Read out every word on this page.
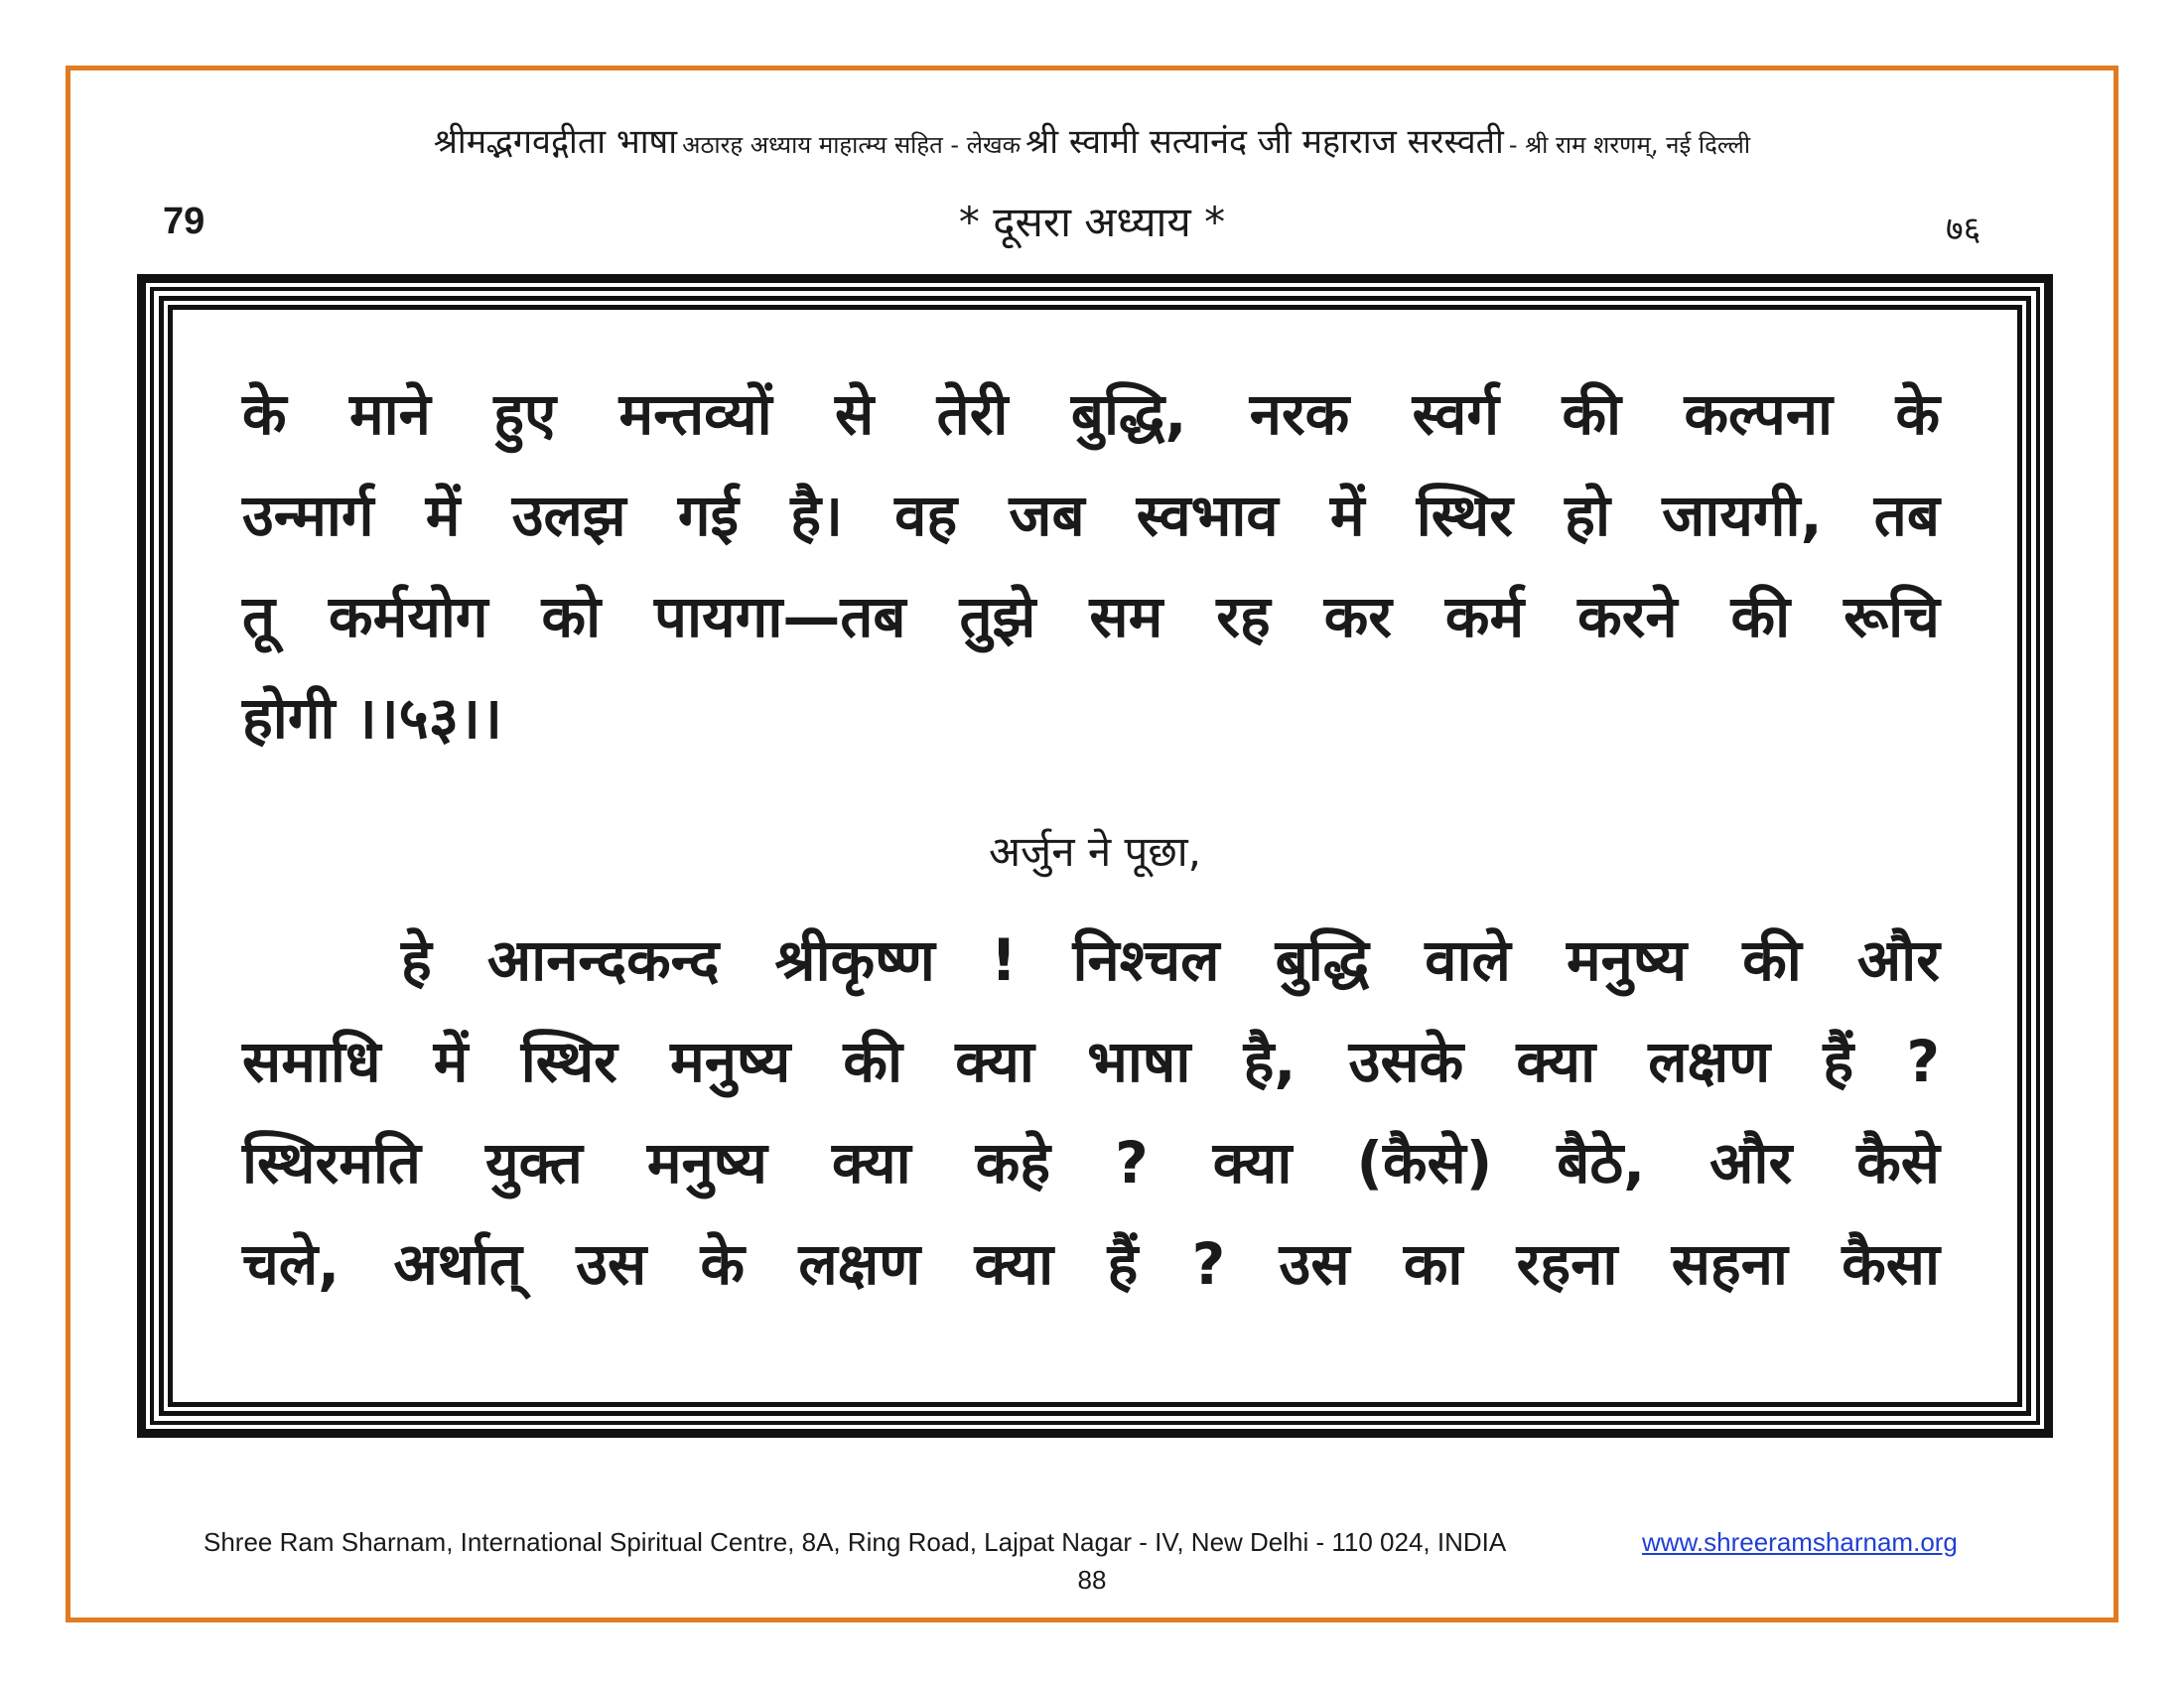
श्रीमद्भगवद्गीता भाषा अठारह अध्याय माहात्म्य सहित - लेखक श्री स्वामी सत्यानंद जी महाराज सरस्वती - श्री राम शरणम्, नई दिल्ली
79	* दूसरा अध्याय *	७६
के माने हुए मन्तव्यों से तेरी बुद्धि, नरक स्वर्ग की कल्पना के
उन्मार्ग में उलझ गई है। वह जब स्वभाव में स्थिर हो जायगी, तब
तू कर्मयोग को पायगा—तब तुझे सम रह कर कर्म करने की रूचि
होगी ।।५३।।
अर्जुन ने पूछा,
हे आनन्दकन्द श्रीकृष्ण ! निश्चल बुद्धि वाले मनुष्य की और
समाधि में स्थिर मनुष्य की क्या भाषा है, उसके क्या लक्षण हैं ?
स्थिरमति युक्त मनुष्य क्या कहे ? क्या (कैसे) बैठे, और कैसे
चले, अर्थात् उस के लक्षण क्या हैं ? उस का रहना सहना कैसा
Shree Ram Sharnam, International Spiritual Centre, 8A, Ring Road, Lajpat Nagar - IV, New Delhi - 110 024, INDIA	www.shreeramsharnam.org
88
